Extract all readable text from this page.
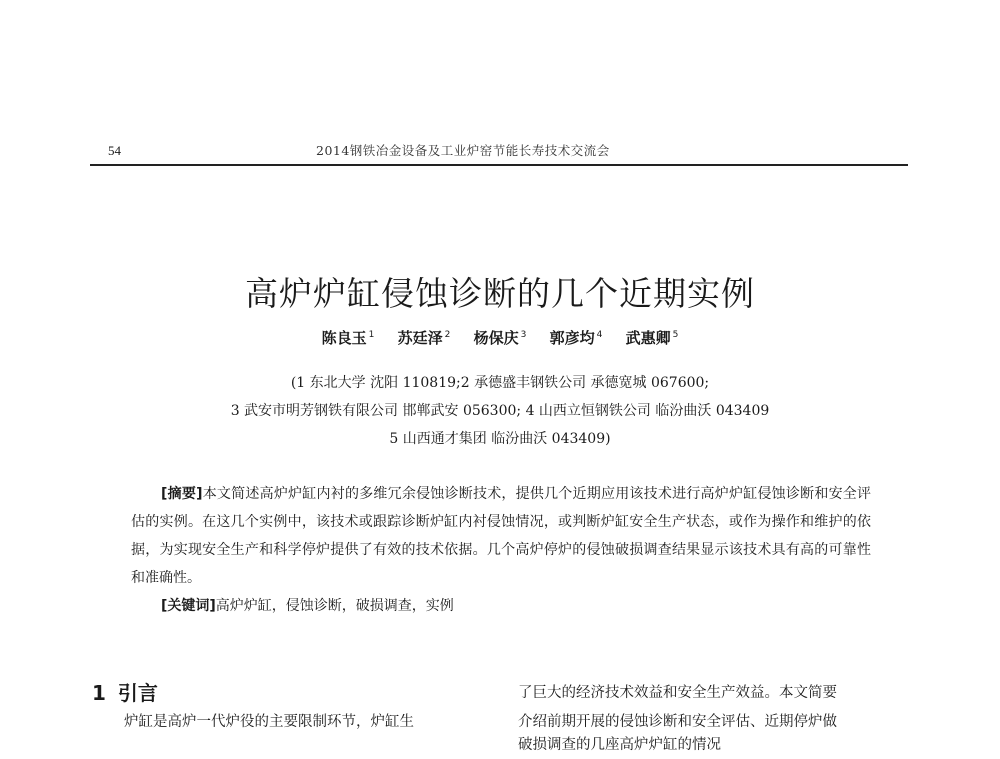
54	2014钢铁冶金设备及工业炉窑节能长寿技术交流会
高炉炉缸侵蚀诊断的几个近期实例
陈良玉 $^1$ 苏廷泽 $^2$ 杨保庆 $^3$ 郭彦均 $^4$ 武惠卿 $^5$
(1 东北大学 沈阳 110819;2 承德盛丰钢铁公司 承德宽城 067600;
3 武安市明芳钢铁有限公司 邯郸武安 056300; 4 山西立恒钢铁公司 临汾曲沃 043409
5 山西通才集团 临汾曲沃 043409)

[摘要]本文简述高炉炉缸内衬的多维冗余侵蚀诊断技术，提供几个近期应用该技术进行高炉炉缸侵蚀诊断和安全评估的实例。在这几个实例中，该技术或跟踪诊断炉缸内衬侵蚀情况，或判断炉缸安全生产状态，或作为操作和维护的依据，为实现安全生产和科学停炉提供了有效的技术依据。几个高炉停炉的侵蚀破损调查结果显示该技术具有高的可靠性和准确性。

[关键词]高炉炉缸，侵蚀诊断，破损调查，实例

1 引言

炉缸是高炉一代炉役的主要限制环节，炉缸生

了巨大的经济技术效益和安全生产效益。本文简要

介绍前期开展的侵蚀诊断和安全评估、近期停炉做

破损调查的几座高炉炉缸的情况
